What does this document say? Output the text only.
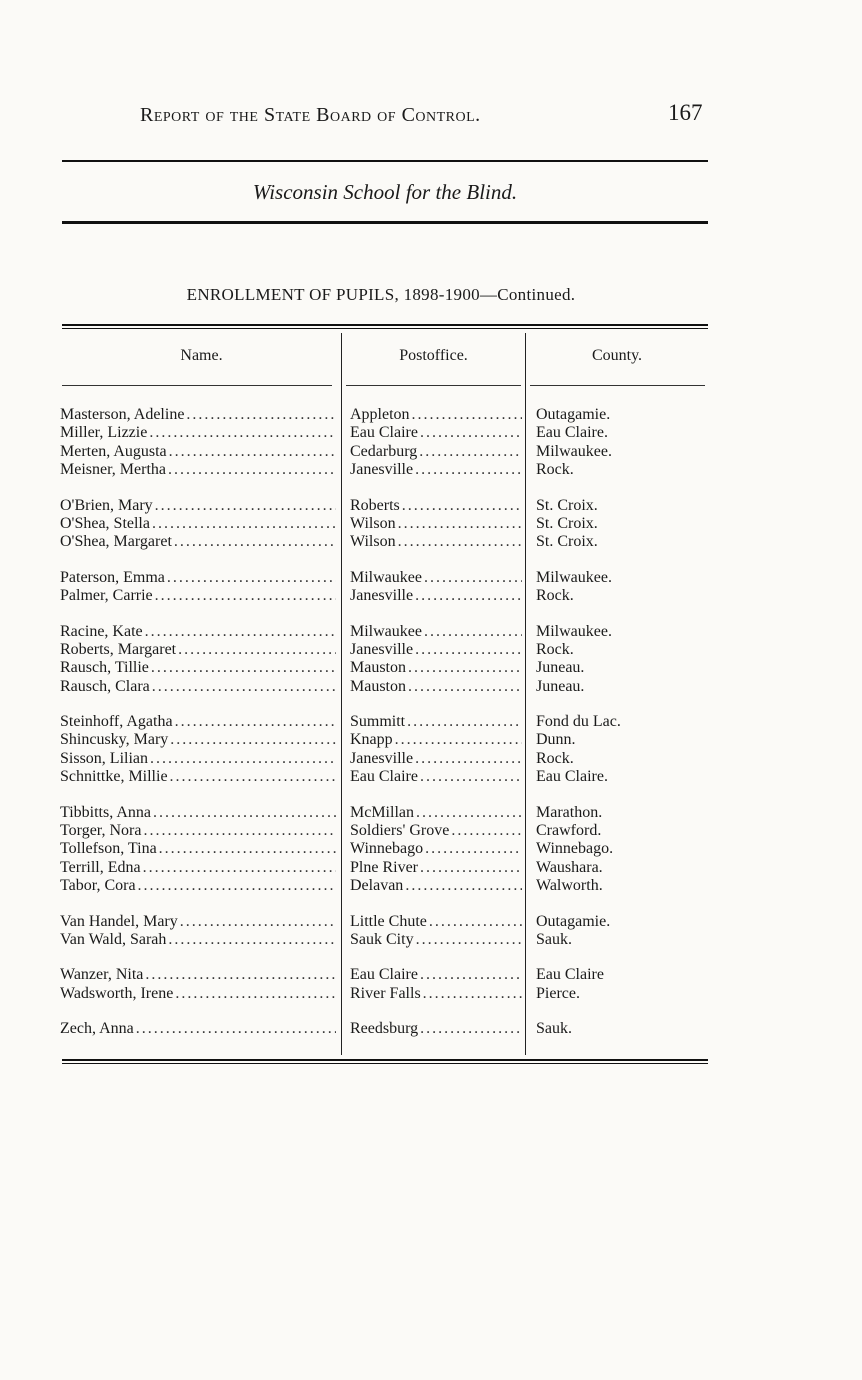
Report of the State Board of Control.	167
Wisconsin School for the Blind.
ENROLLMENT OF PUPILS, 1898-1900—Continued.
Name.	Postoffice.	County.
Masterson, Adeline .....	Appleton .....	Outagamie.
Miller, Lizzie .....	Eau Claire .....	Eau Claire.
Merten, Augusta .....	Cedarburg .....	Milwaukee.
Meisner, Mertha .....	Janesville .....	Rock.
O'Brien, Mary .....	Roberts .....	St. Croix.
O'Shea, Stella .....	Wilson .....	St. Croix.
O'Shea, Margaret .....	Wilson .....	St. Croix.
Paterson, Emma .....	Milwaukee .....	Milwaukee.
Palmer, Carrie .....	Janesville .....	Rock.
Racine, Kate .....	Milwaukee .....	Milwaukee.
Roberts, Margaret .....	Janesville .....	Rock.
Rausch, Tillie .....	Mauston .....	Juneau.
Rausch, Clara .....	Mauston .....	Juneau.
Steinhoff, Agatha .....	Summitt .....	Fond du Lac.
Shincusky, Mary .....	Knapp .....	Dunn.
Sisson, Lilian .....	Janesville .....	Rock.
Schnittke, Millie .....	Eau Claire .....	Eau Claire.
Tibbitts, Anna .....	McMillan .....	Marathon.
Torger, Nora .....	Soldiers' Grove .....	Crawford.
Tollefson, Tina .....	Winnebago .....	Winnebago.
Terrill, Edna .....	Plne River .....	Waushara.
Tabor, Cora .....	Delavan .....	Walworth.
Van Handel, Mary .....	Little Chute .....	Outagamie.
Van Wald, Sarah .....	Sauk City .....	Sauk.
Wanzer, Nita .....	Eau Claire .....	Eau Claire
Wadsworth, Irene .....	River Falls .....	Pierce.
Zech, Anna .....	Reedsburg .....	Sauk.
